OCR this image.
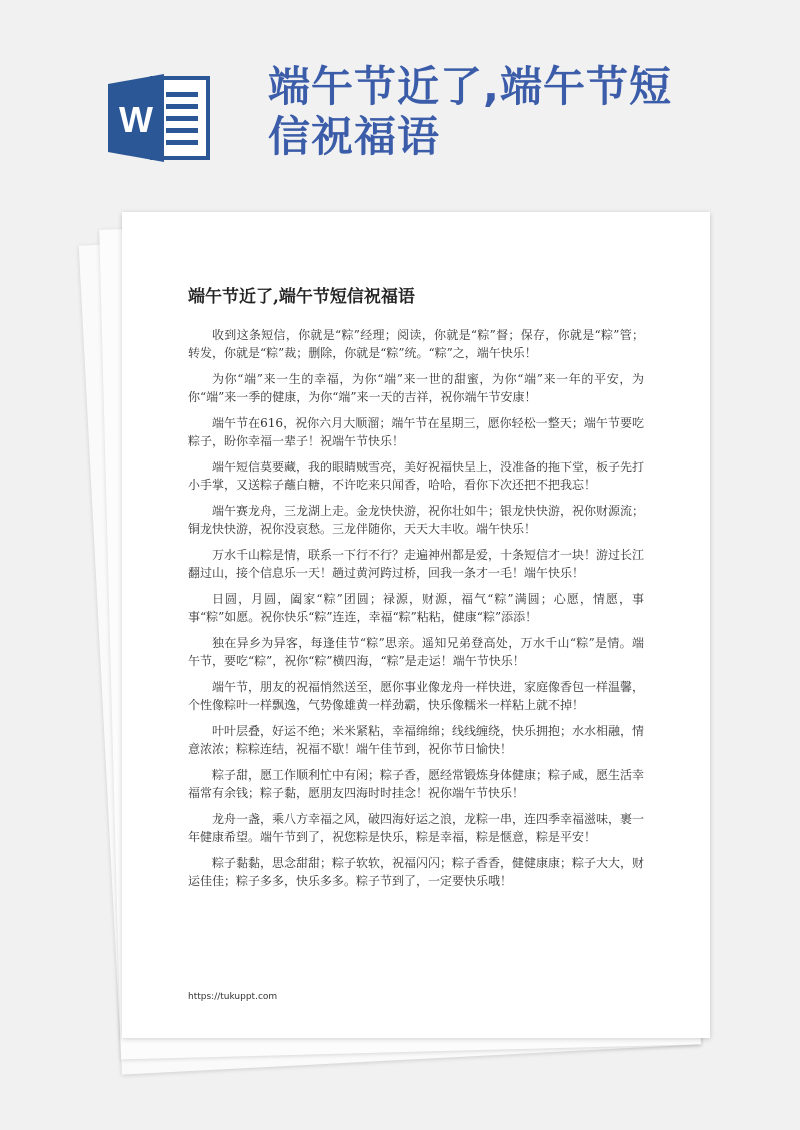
W
端午节近了,端午节短
信祝福语
端午节近了,端午节短信祝福语

收到这条短信，你就是“粽”经理；阅读，你就是“粽”督；保存，你就是“粽”管；转发，你就是“粽”裁；删除，你就是“粽”统。“粽”之，端午快乐！

为你“端”来一生的幸福，为你“端”来一世的甜蜜，为你“端”来一年的平安，为你“端”来一季的健康，为你“端”来一天的吉祥，祝你端午节安康！

端午节在616，祝你六月大顺溜；端午节在星期三，愿你轻松一整天；端午节要吃粽子，盼你幸福一辈子！祝端午节快乐！

端午短信莫要藏，我的眼睛贼雪亮，美好祝福快呈上，没准备的拖下堂，板子先打小手掌，又送粽子蘸白糖，不许吃来只闻香，哈哈，看你下次还把不把我忘！

端午赛龙舟，三龙湖上走。金龙快快游，祝你壮如牛；银龙快快游，祝你财源流；铜龙快快游，祝你没哀愁。三龙伴随你，天天大丰收。端午快乐！

万水千山粽是情，联系一下行不行？走遍神州都是爱，十条短信才一块！游过长江翻过山，接个信息乐一天！趟过黄河跨过桥，回我一条才一毛！端午快乐！

日圆，月圆，阖家“粽”团圆；禄源，财源，福气“粽”满圆；心愿，情愿，事事“粽”如愿。祝你快乐“粽”连连，幸福“粽”粘粘，健康“粽”添添！

独在异乡为异客，每逢佳节“粽”思亲。遥知兄弟登高处，万水千山“粽”是情。端午节，要吃“粽”，祝你“粽”横四海，“粽”是走运！端午节快乐！

端午节，朋友的祝福悄然送至，愿你事业像龙舟一样快进，家庭像香包一样温馨，个性像粽叶一样飘逸，气势像雄黄一样劲霸，快乐像糯米一样粘上就不掉！

叶叶层叠，好运不绝；米米紧粘，幸福绵绵；线线缠绕，快乐拥抱；水水相融，情意浓浓；粽粽连结，祝福不歇！端午佳节到，祝你节日愉快！

粽子甜，愿工作顺利忙中有闲；粽子香，愿经常锻炼身体健康；粽子咸，愿生活幸福常有余钱；粽子黏，愿朋友四海时时挂念！祝你端午节快乐！

龙舟一盏，乘八方幸福之风，破四海好运之浪，龙粽一串，连四季幸福滋味，裹一年健康希望。端午节到了，祝您粽是快乐，粽是幸福，粽是惬意，粽是平安！

粽子黏黏，思念甜甜；粽子软软，祝福闪闪；粽子香香，健健康康；粽子大大，财运佳佳；粽子多多，快乐多多。粽子节到了，一定要快乐哦！

https://tukuppt.com
